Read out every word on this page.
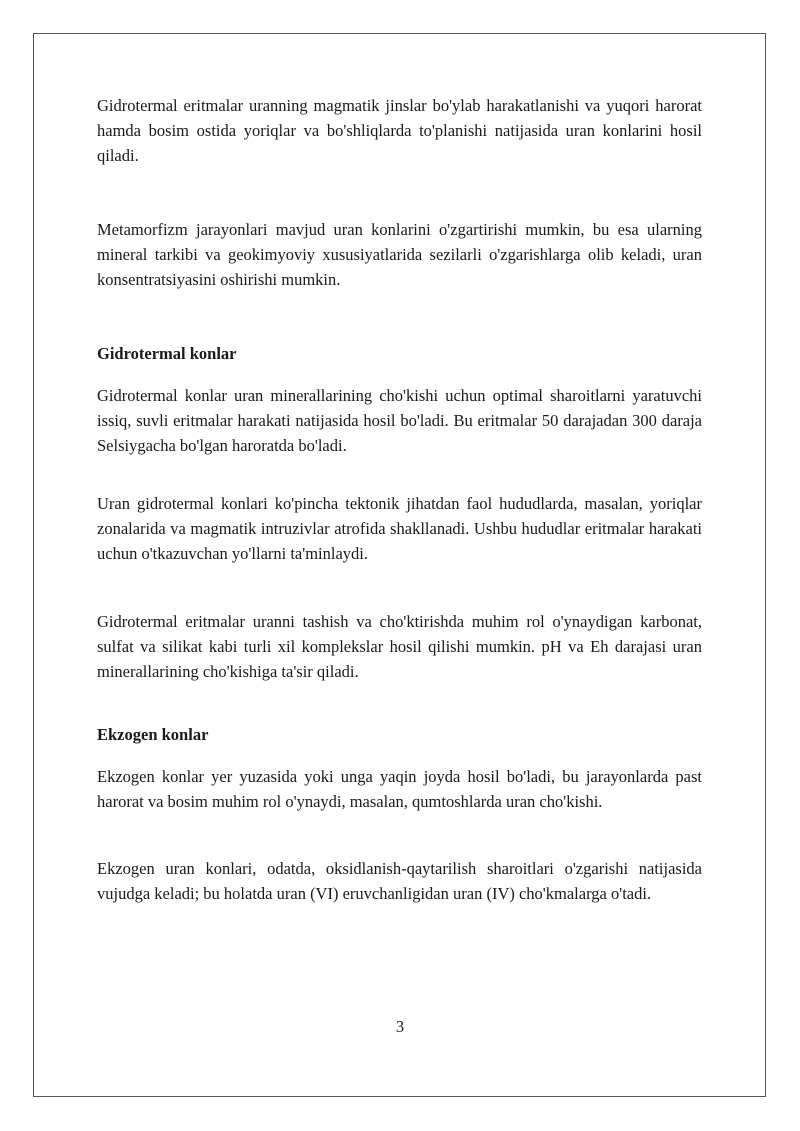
Gidrotermal eritmalar uranning magmatik jinslar bo'ylab harakatlanishi va yuqori harorat hamda bosim ostida yoriqlar va bo'shliqlarda to'planishi natijasida uran konlarini hosil qiladi.

Metamorfizm jarayonlari mavjud uran konlarini o'zgartirishi mumkin, bu esa ularning mineral tarkibi va geokimyoviy xususiyatlarida sezilarli o'zgarishlarga olib keladi, uran konsentratsiyasini oshirishi mumkin.

Gidrotermal konlar

Gidrotermal konlar uran minerallarining cho'kishi uchun optimal sharoitlarni yaratuvchi issiq, suvli eritmalar harakati natijasida hosil bo'ladi. Bu eritmalar 50 darajadan 300 daraja Selsiygacha bo'lgan haroratda bo'ladi.

Uran gidrotermal konlari ko'pincha tektonik jihatdan faol hududlarda, masalan, yoriqlar zonalarida va magmatik intruzivlar atrofida shakllanadi. Ushbu hududlar eritmalar harakati uchun o'tkazuvchan yo'llarni ta'minlaydi.

Gidrotermal eritmalar uranni tashish va cho'ktirishda muhim rol o'ynaydigan karbonat, sulfat va silikat kabi turli xil komplekslar hosil qilishi mumkin. pH va Eh darajasi uran minerallarining cho'kishiga ta'sir qiladi.

Ekzogen konlar

Ekzogen konlar yer yuzasida yoki unga yaqin joyda hosil bo'ladi, bu jarayonlarda past harorat va bosim muhim rol o'ynaydi, masalan, qumtoshlarda uran cho'kishi.

Ekzogen uran konlari, odatda, oksidlanish-qaytarilish sharoitlari o'zgarishi natijasida vujudga keladi; bu holatda uran (VI) eruvchanligidan uran (IV) cho'kmalarga o'tadi.

3
